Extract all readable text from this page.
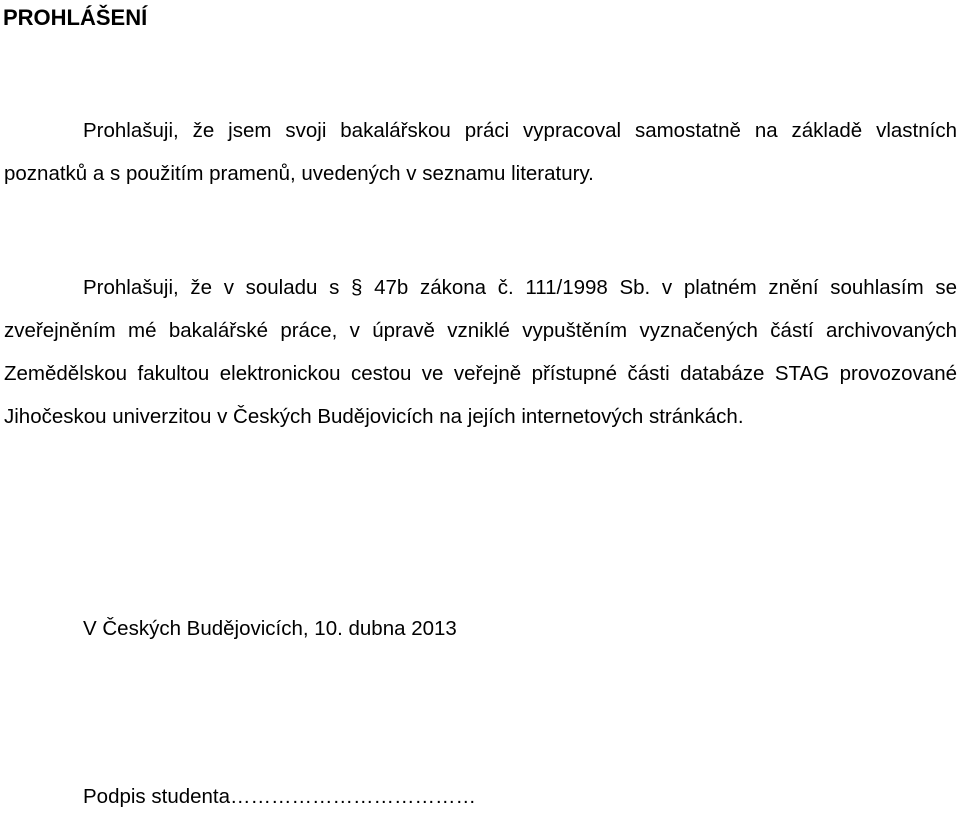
PROHLÁŠENÍ

Prohlašuji, že jsem svoji bakalářskou práci vypracoval samostatně na základě vlastních poznatků a s použitím pramenů, uvedených v seznamu literatury.

Prohlašuji, že v souladu s § 47b zákona č. 111/1998 Sb. v platném znění souhlasím se zveřejněním mé bakalářské práce, v úpravě vzniklé vypuštěním vyznačených částí archivovaných Zemědělskou fakultou elektronickou cestou ve veřejně přístupné části databáze STAG provozované Jihočeskou univerzitou v Českých Budějovicích na jejích internetových stránkách.

V Českých Budějovicích, 10. dubna 2013

Podpis studenta………………………………
